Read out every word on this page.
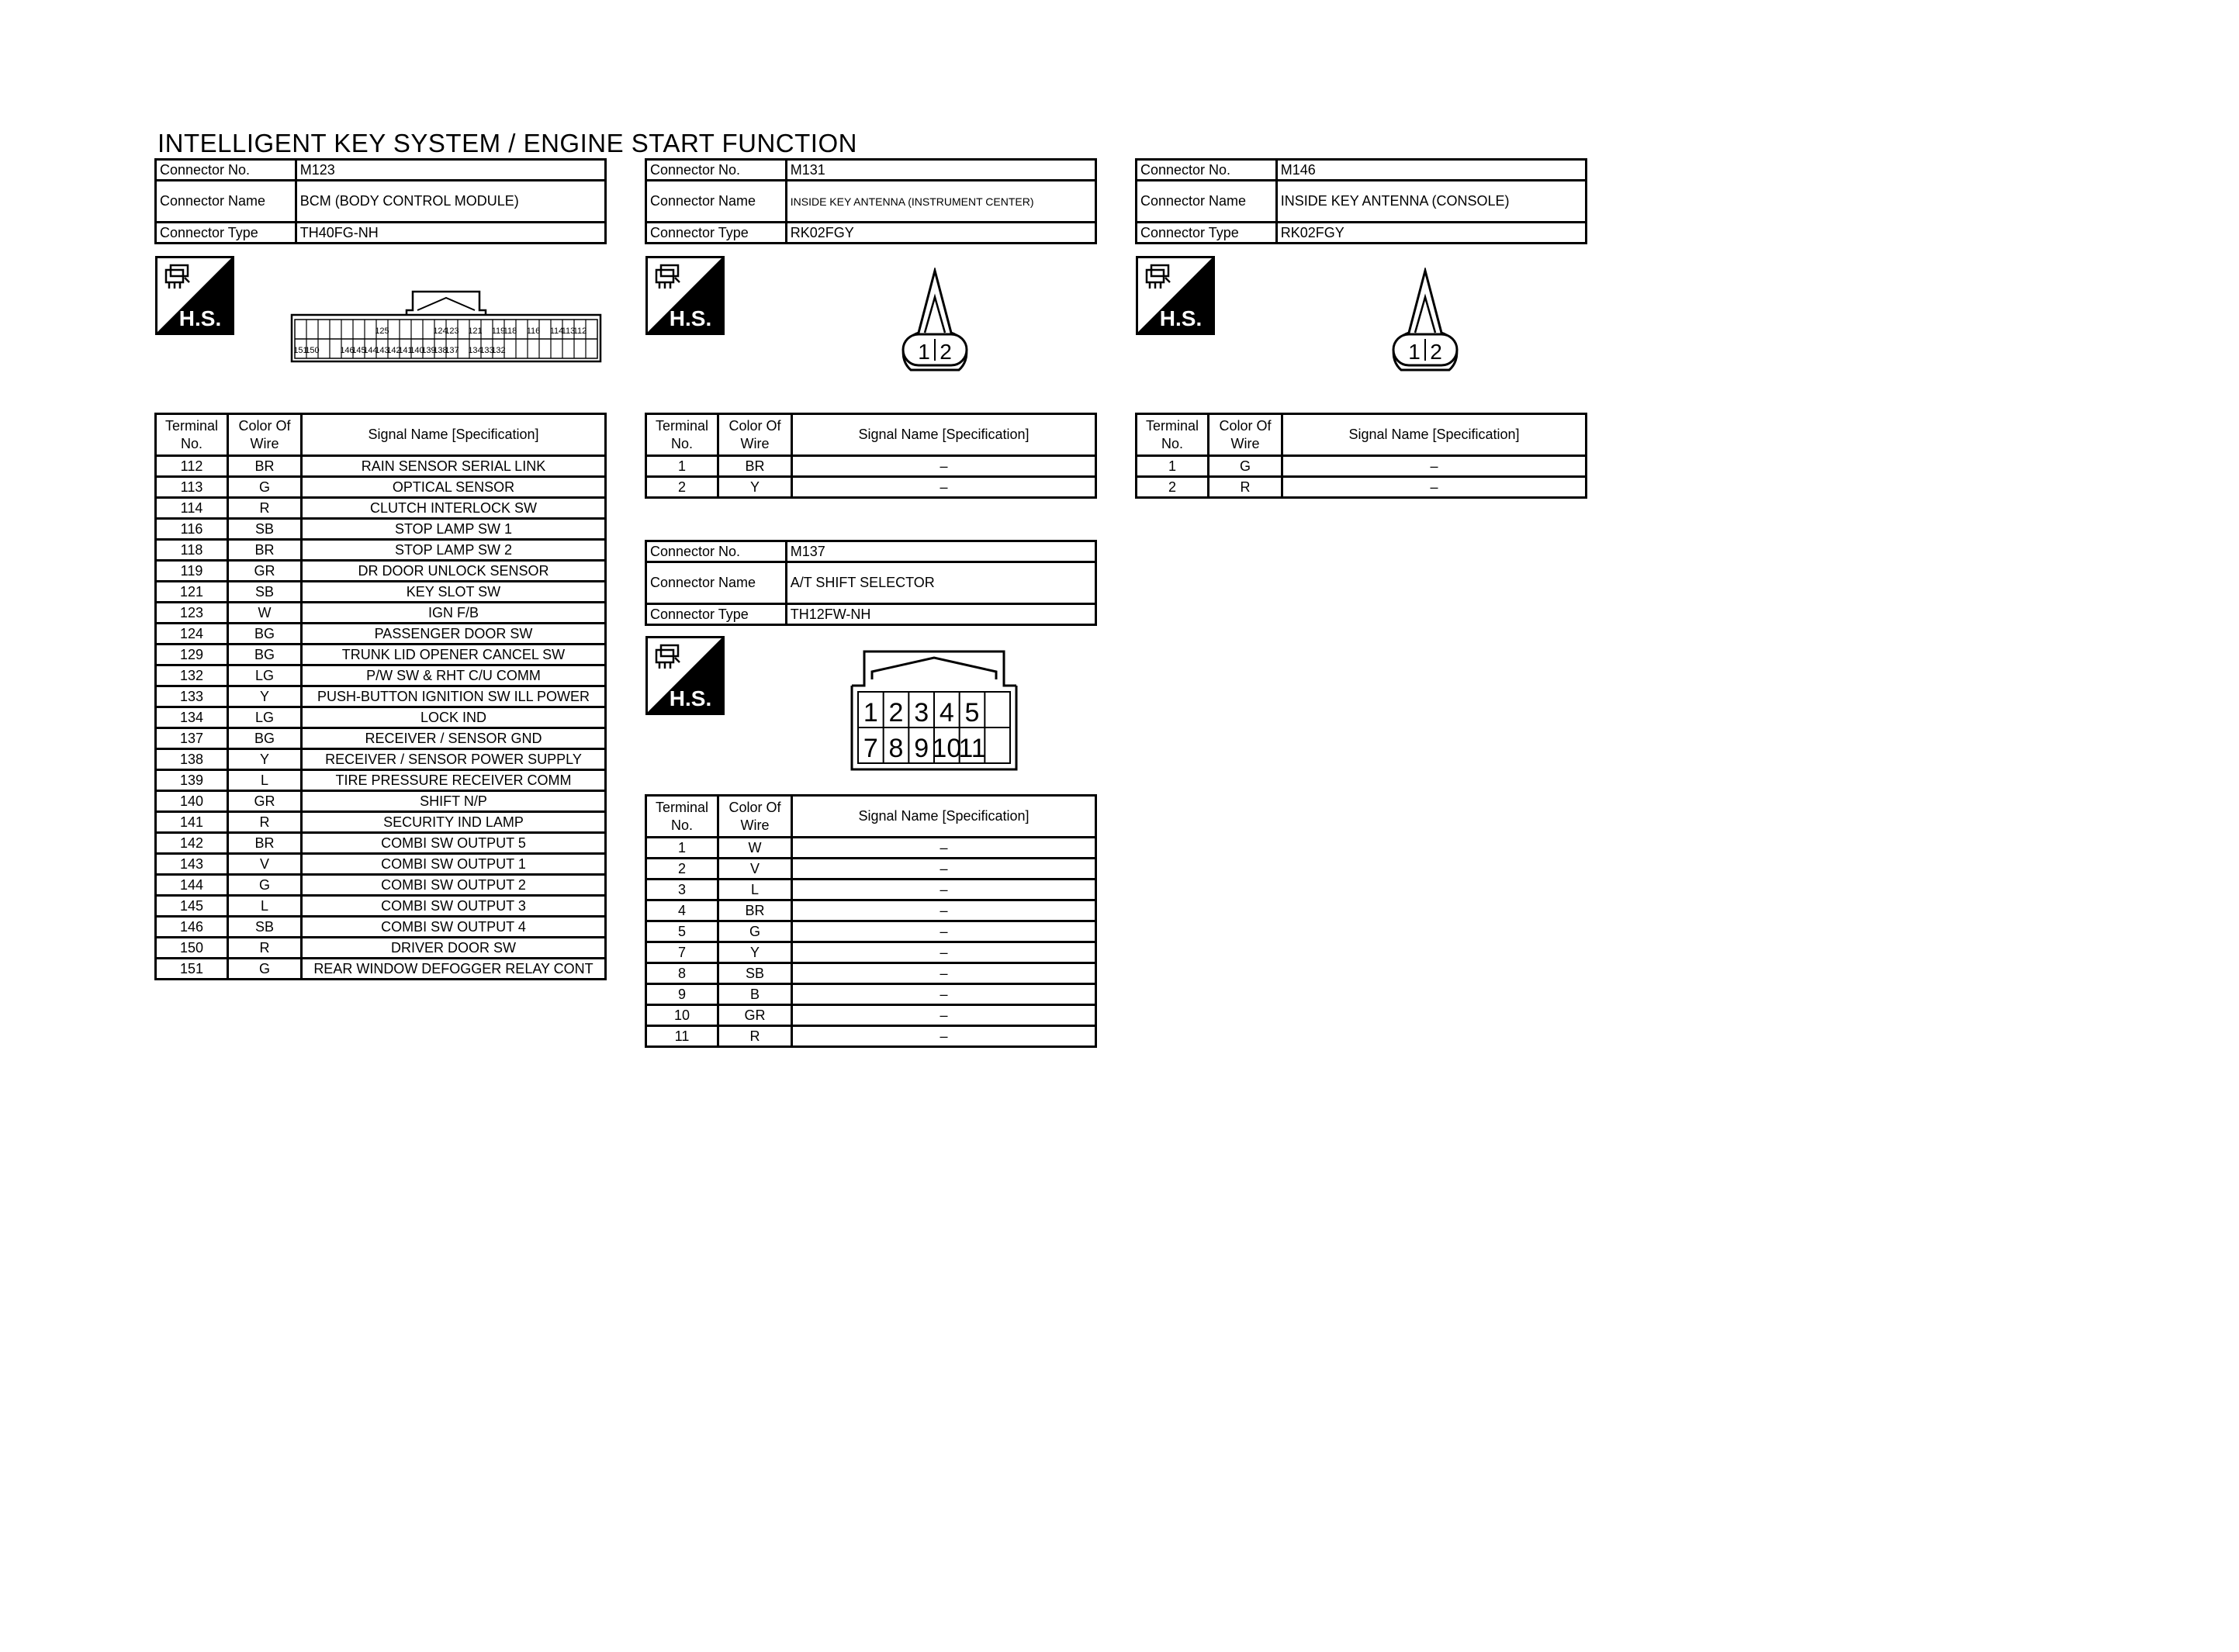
INTELLIGENT KEY SYSTEM / ENGINE START FUNCTION
Connector No.	M123
Connector Name	BCM (BODY CONTROL MODULE)
Connector Type	TH40FG-NH
H.S.
125	124
123 121 119
118 116 114
113
112
151
150 146
145
144
143
142
141
140
139
138
137 134
133
132
Terminal No.	Color Of Wire	Signal Name [Specification]
112	BR	RAIN SENSOR SERIAL LINK
113	G	OPTICAL SENSOR
114	R	CLUTCH INTERLOCK SW
116	SB	STOP LAMP SW 1
118	BR	STOP LAMP SW 2
119	GR	DR DOOR UNLOCK SENSOR
121	SB	KEY SLOT SW
123	W	IGN F/B
124	BG	PASSENGER DOOR SW
129	BG	TRUNK LID OPENER CANCEL SW
132	LG	P/W SW & RHT C/U COMM
133	Y	PUSH-BUTTON IGNITION SW ILL POWER
134	LG	LOCK IND
137	BG	RECEIVER / SENSOR GND
138	Y	RECEIVER / SENSOR POWER SUPPLY
139	L	TIRE PRESSURE RECEIVER COMM
140	GR	SHIFT N/P
141	R	SECURITY IND LAMP
142	BR	COMBI SW OUTPUT 5
143	V	COMBI SW OUTPUT 1
144	G	COMBI SW OUTPUT 2
145	L	COMBI SW OUTPUT 3
146	SB	COMBI SW OUTPUT 4
150	R	DRIVER DOOR SW
151	G	REAR WINDOW DEFOGGER RELAY CONT
Connector No.	M131
Connector Name	INSIDE KEY ANTENNA (INSTRUMENT CENTER)
Connector Type	RK02FGY
H.S.
1 2
Terminal No.	Color Of Wire	Signal Name [Specification]
1	BR	–
2	Y	–
Connector No.	M146
Connector Name	INSIDE KEY ANTENNA (CONSOLE)
Connector Type	RK02FGY
H.S.
1 2
Terminal No.	Color Of Wire	Signal Name [Specification]
1	G	–
2	R	–
Connector No.	M137
Connector Name	A/T SHIFT SELECTOR
Connector Type	TH12FW-NH
H.S.	1 2 3 4 5
7 8 9 10
11
Terminal No.	Color Of Wire	Signal Name [Specification]
1	W	–
2	V	–
3	L	–
4	BR	–
5	G	–
7	Y	–
8	SB	–
9	B	–
10	GR	–
11	R	–
